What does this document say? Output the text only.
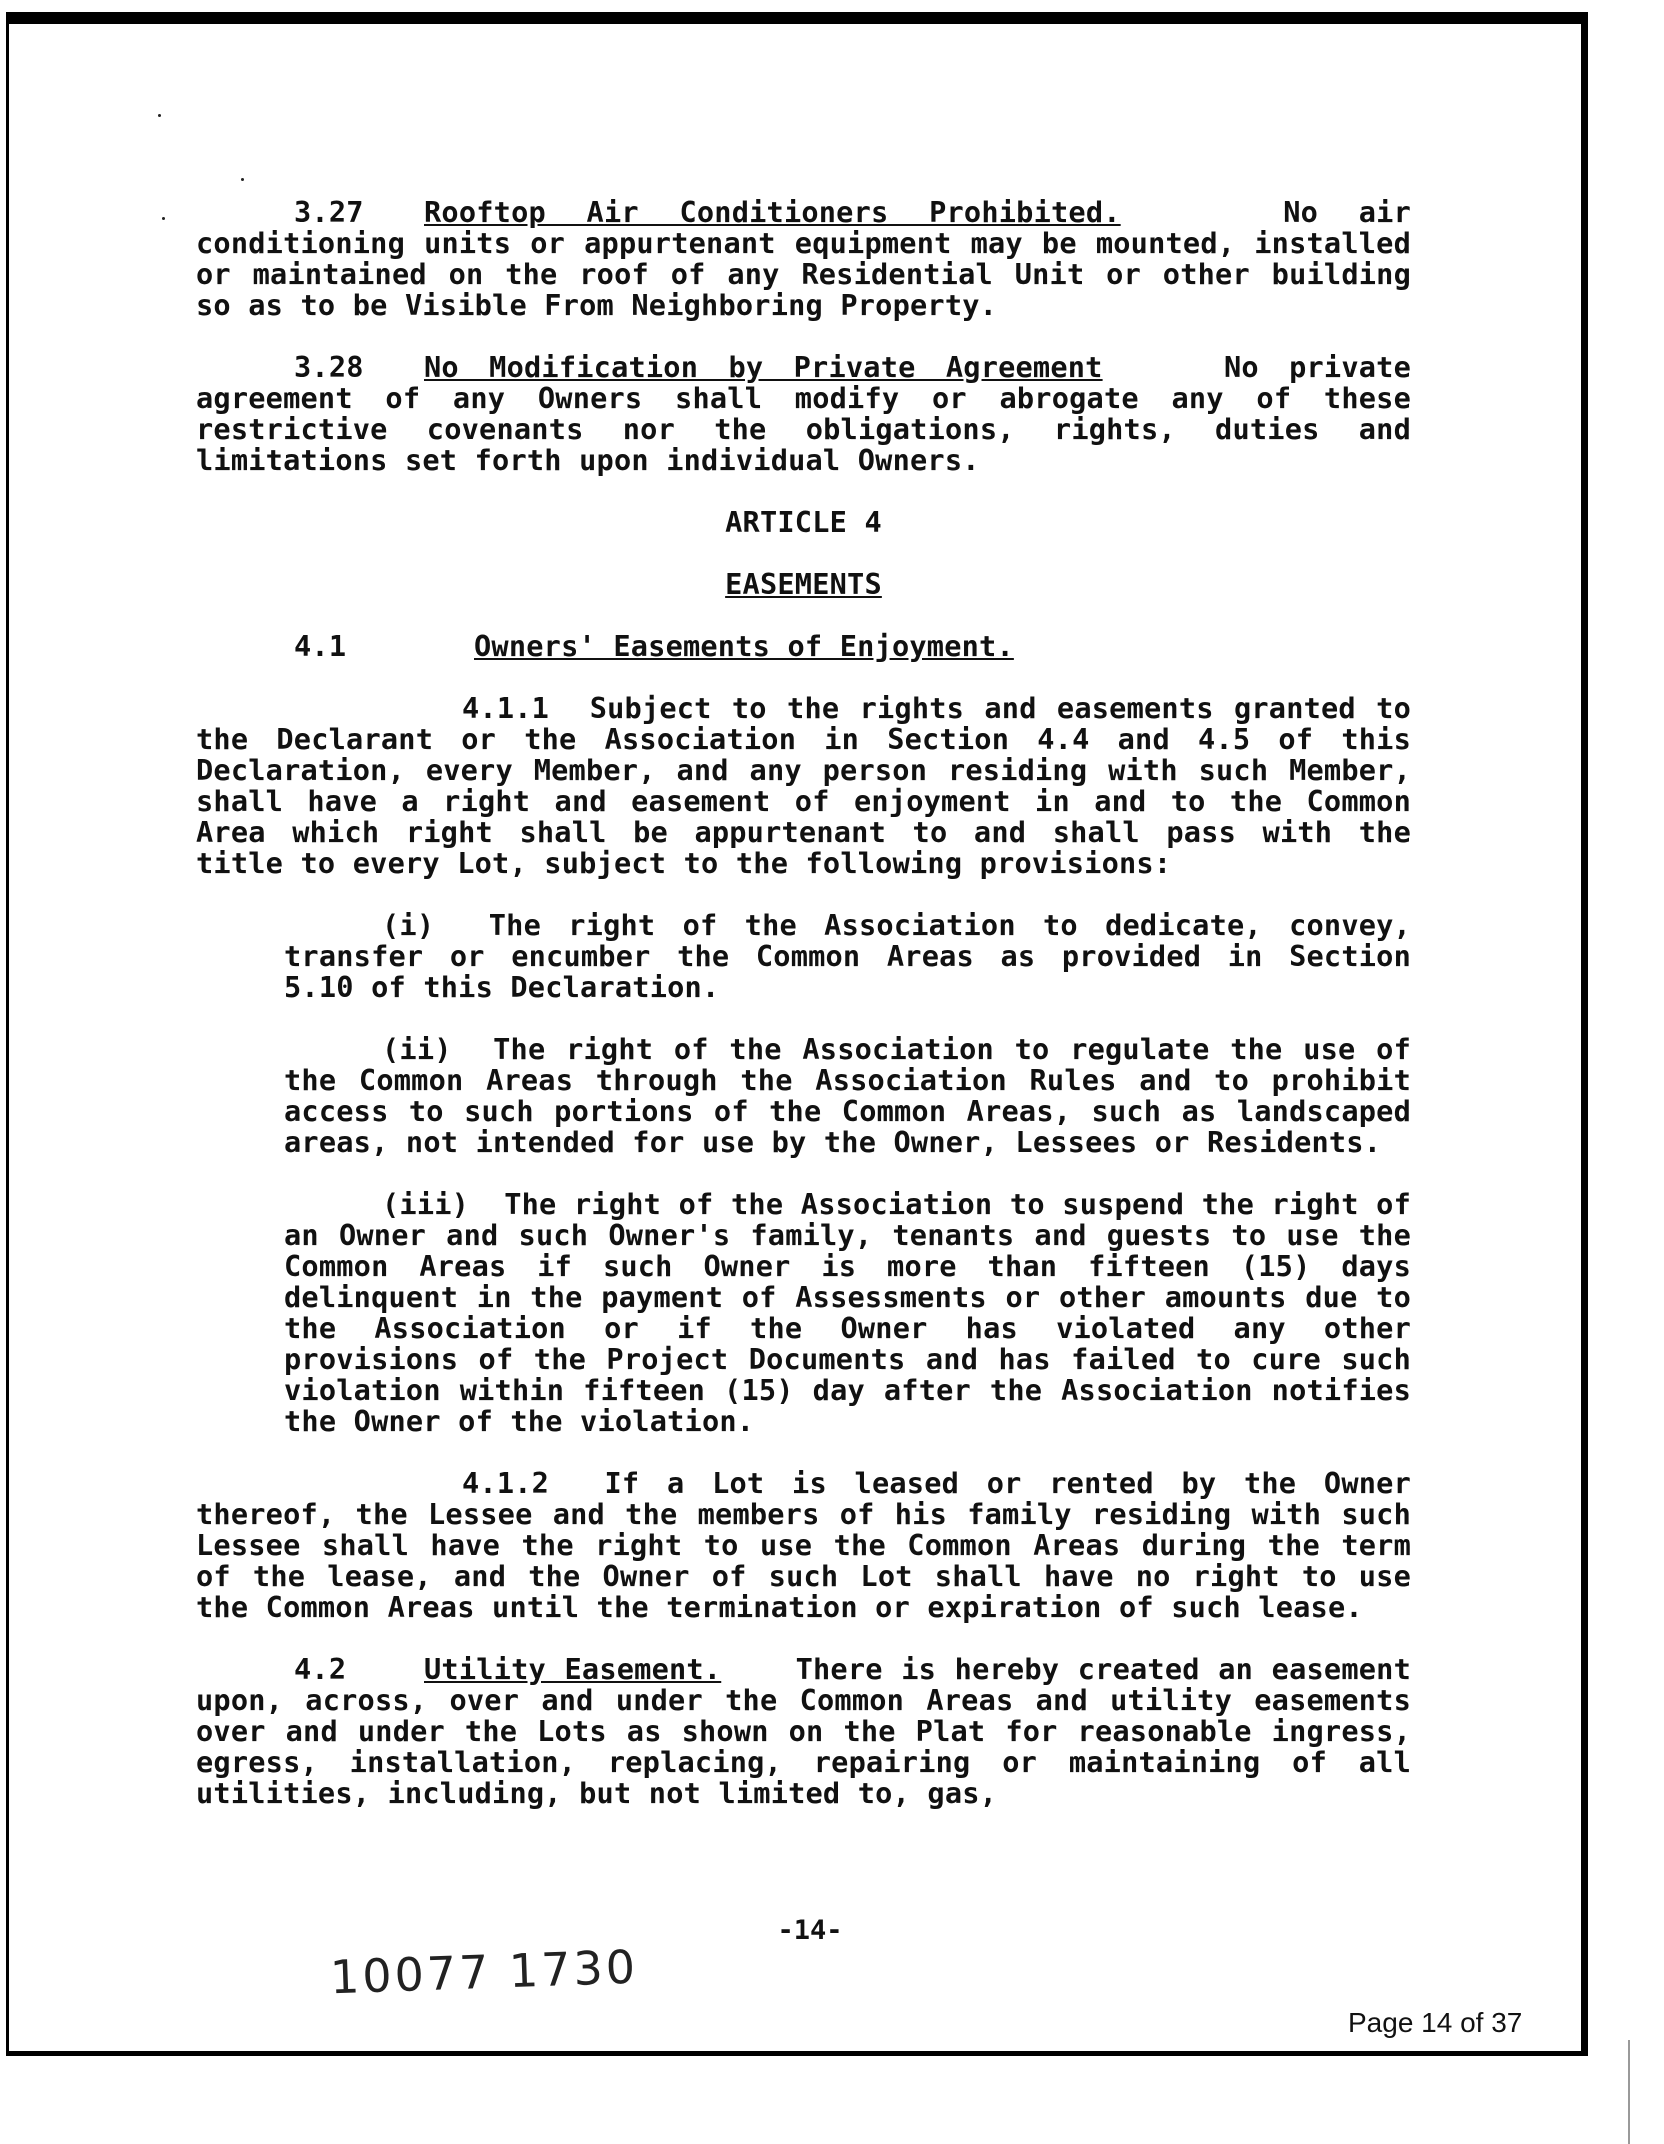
3.27 Rooftop Air Conditioners Prohibited.	No air conditioning units or appurtenant equipment may be mounted, installed or maintained on the roof of any Residential Unit or other building so as to be Visible From Neighboring Property.

3.28 No Modification by Private Agreement	No private agreement of any Owners shall modify or abrogate any of these restrictive covenants nor the obligations, rights, duties and limitations set forth upon individual Owners.

ARTICLE 4

EASEMENTS

4.1	Owners' Easements of Enjoyment.

4.1.1 Subject to the rights and easements granted to the Declarant or the Association in Section 4.4 and 4.5 of this Declaration, every Member, and any person residing with such Member, shall have a right and easement of enjoyment in and to the Common Area which right shall be appurtenant to and shall pass with the title to every Lot, subject to the following provisions:

(i) The right of the Association to dedicate, convey, transfer or encumber the Common Areas as provided in Section 5.10 of this Declaration.

(ii) The right of the Association to regulate the use of the Common Areas through the Association Rules and to prohibit access to such portions of the Common Areas, such as landscaped areas, not intended for use by the Owner, Lessees or Residents.

(iii) The right of the Association to suspend the right of an Owner and such Owner's family, tenants and guests to use the Common Areas if such Owner is more than fifteen (15) days delinquent in the payment of Assessments or other amounts due to the Association or if the Owner has violated any other provisions of the Project Documents and has failed to cure such violation within fifteen (15) day after the Association notifies the Owner of the violation.

4.1.2 If a Lot is leased or rented by the Owner thereof, the Lessee and the members of his family residing with such Lessee shall have the right to use the Common Areas during the term of the lease, and the Owner of such Lot shall have no right to use the Common Areas until the termination or expiration of such lease.

4.2	Utility Easement.	There is hereby created an easement upon, across, over and under the Common Areas and utility easements over and under the Lots as shown on the Plat for reasonable ingress, egress, installation, replacing, repairing or maintaining of all utilities, including, but not limited to, gas,

-14-
10077 1730
Page 14 of 37
